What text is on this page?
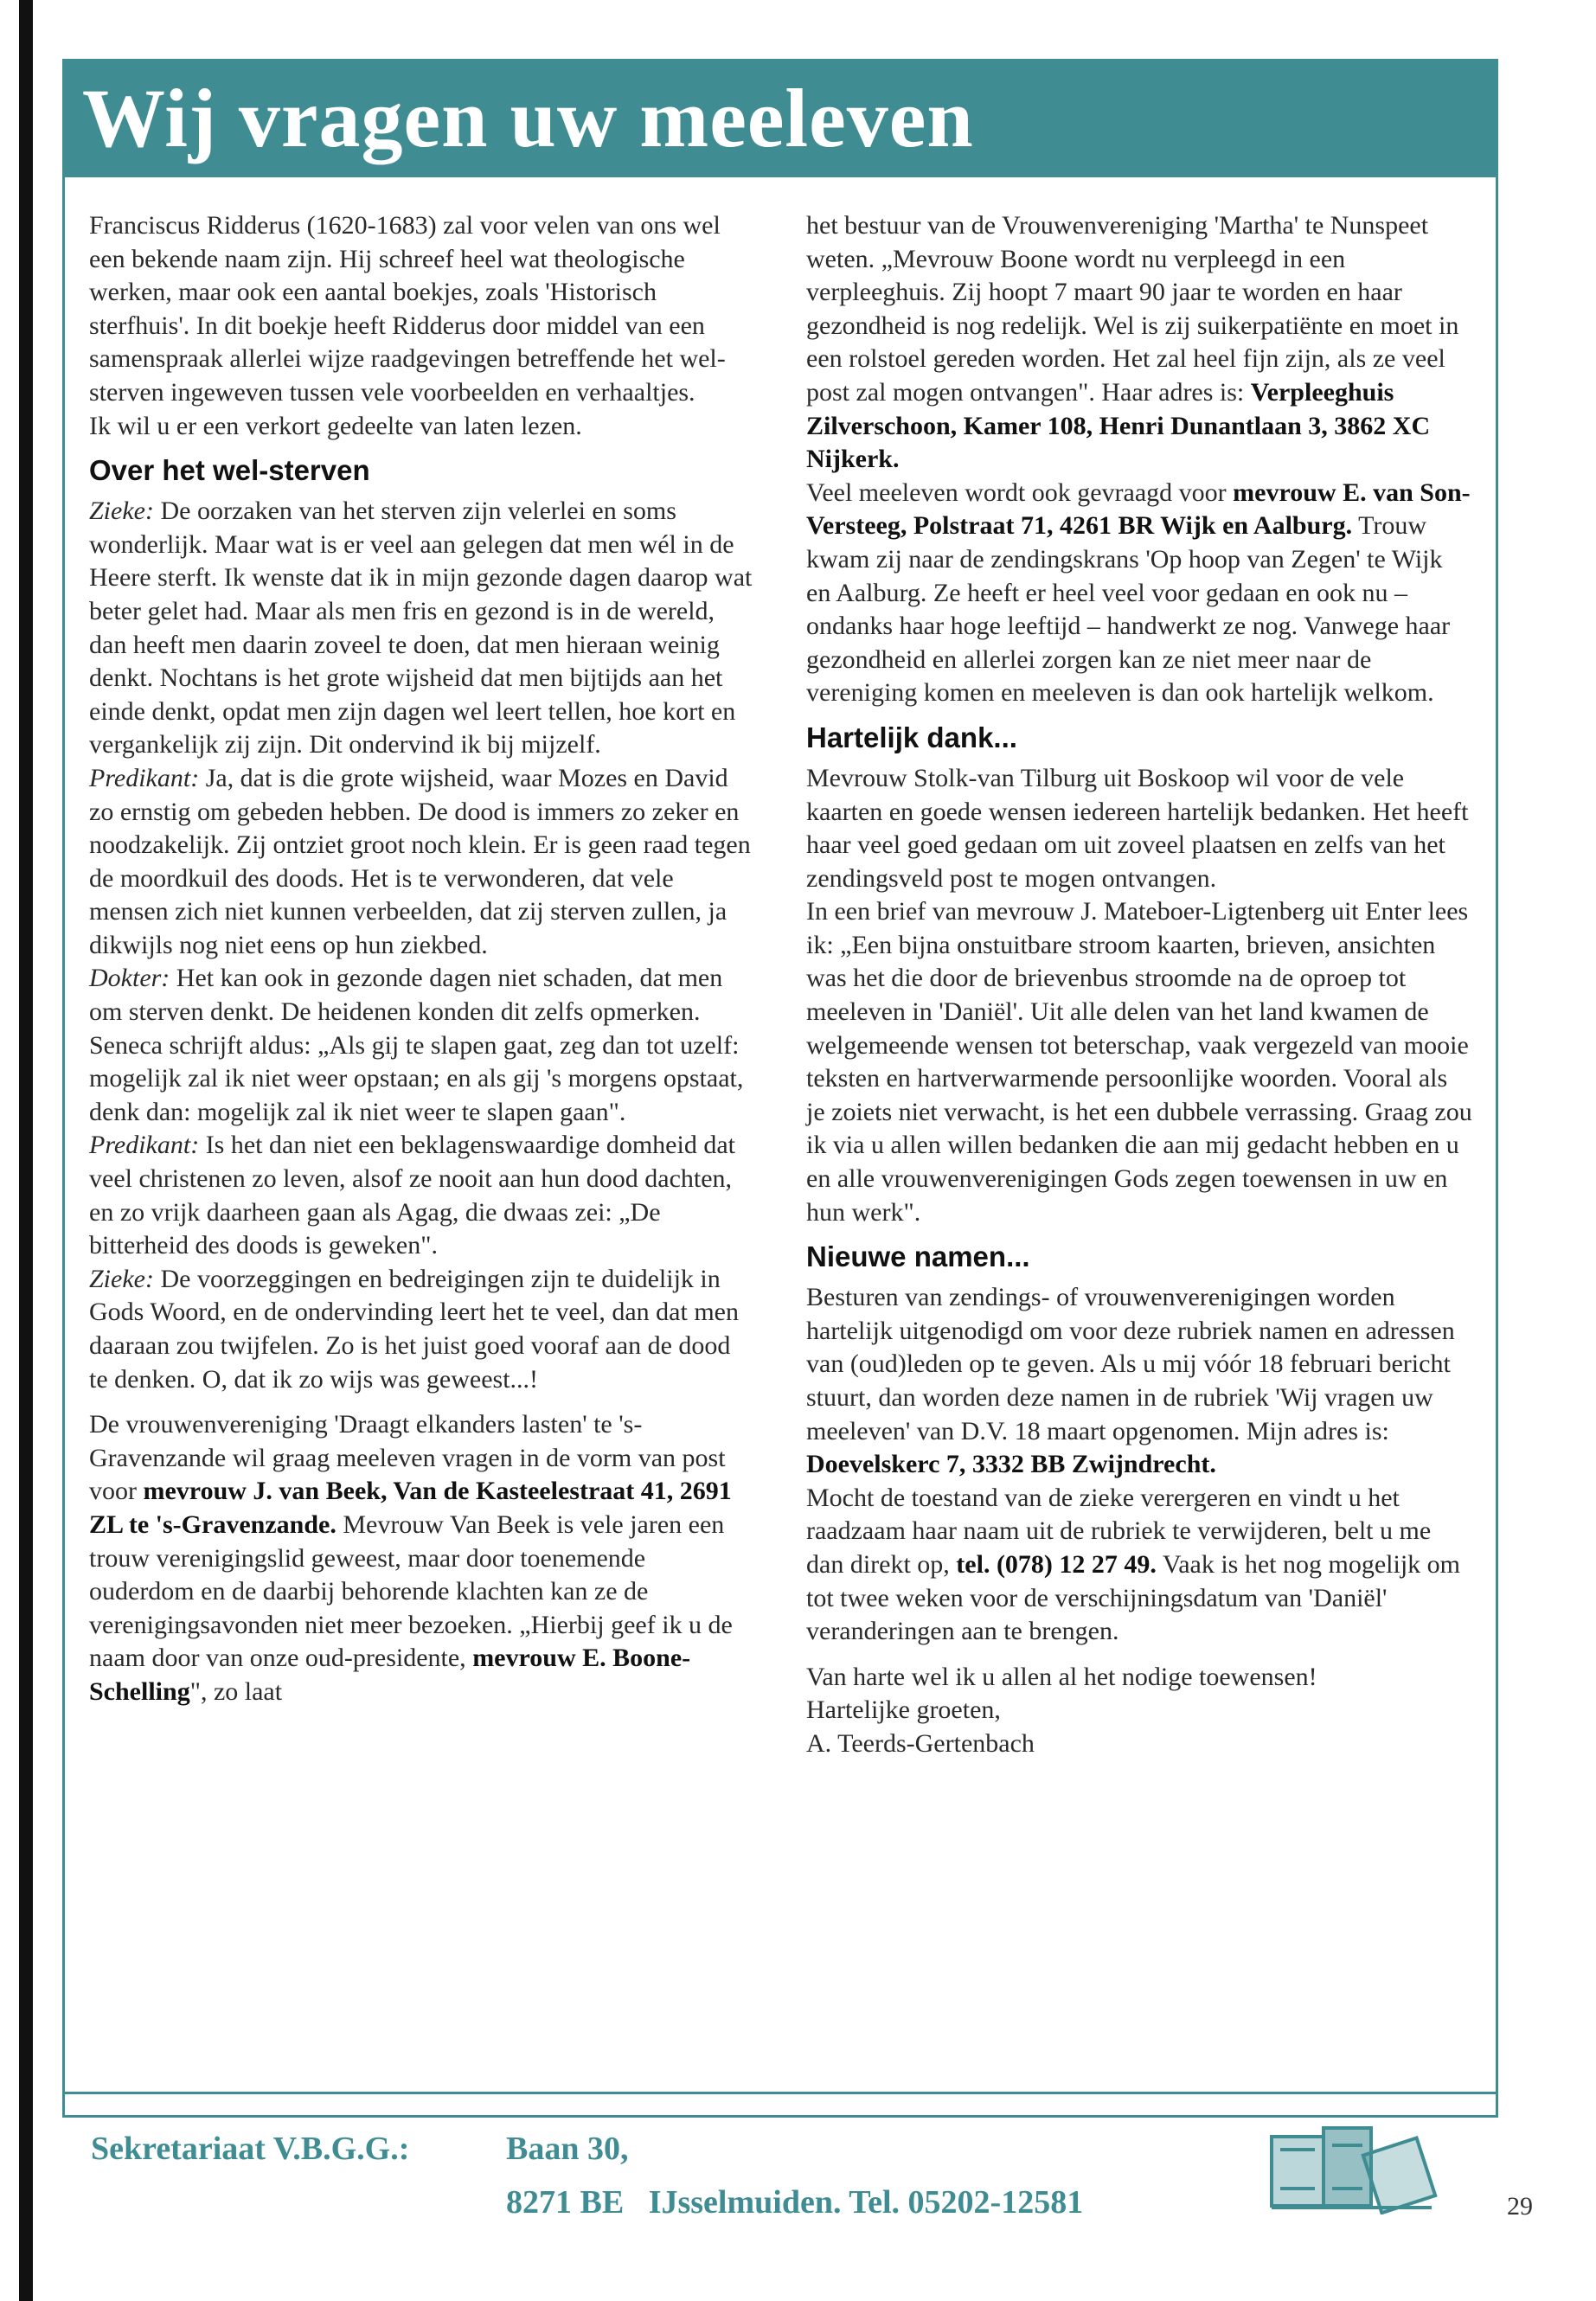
Wij vragen uw meeleven

Franciscus Ridderus (1620-1683) zal voor velen van ons wel een bekende naam zijn. Hij schreef heel wat theologische werken, maar ook een aantal boekjes, zoals 'Historisch sterfhuis'. In dit boekje heeft Ridderus door middel van een samenspraak allerlei wijze raadgevingen betreffende het wel-sterven ingeweven tussen vele voorbeelden en verhaaltjes.
Ik wil u er een verkort gedeelte van laten lezen.

Over het wel-sterven

Zieke: De oorzaken van het sterven zijn velerlei en soms wonderlijk. Maar wat is er veel aan gelegen dat men wél in de Heere sterft. Ik wenste dat ik in mijn gezonde dagen daarop wat beter gelet had. Maar als men fris en gezond is in de wereld, dan heeft men daarin zoveel te doen, dat men hieraan weinig denkt. Nochtans is het grote wijsheid dat men bijtijds aan het einde denkt, opdat men zijn dagen wel leert tellen, hoe kort en vergankelijk zij zijn. Dit ondervind ik bij mijzelf.
Predikant: Ja, dat is die grote wijsheid, waar Mozes en David zo ernstig om gebeden hebben. De dood is immers zo zeker en noodzakelijk. Zij ontziet groot noch klein. Er is geen raad tegen de moordkuil des doods. Het is te verwonderen, dat vele mensen zich niet kunnen verbeelden, dat zij sterven zullen, ja dikwijls nog niet eens op hun ziekbed.
Dokter: Het kan ook in gezonde dagen niet schaden, dat men om sterven denkt. De heidenen konden dit zelfs opmerken. Seneca schrijft aldus: „Als gij te slapen gaat, zeg dan tot uzelf: mogelijk zal ik niet weer opstaan; en als gij 's morgens opstaat, denk dan: mogelijk zal ik niet weer te slapen gaan".
Predikant: Is het dan niet een beklagenswaardige domheid dat veel christenen zo leven, alsof ze nooit aan hun dood dachten, en zo vrijk daarheen gaan als Agag, die dwaas zei: „De bitterheid des doods is geweken".
Zieke: De voorzeggingen en bedreigingen zijn te duidelijk in Gods Woord, en de ondervinding leert het te veel, dan dat men daaraan zou twijfelen. Zo is het juist goed vooraf aan de dood te denken. O, dat ik zo wijs was geweest...!

De vrouwenvereniging 'Draagt elkanders lasten' te 's-Gravenzande wil graag meeleven vragen in de vorm van post voor mevrouw J. van Beek, Van de Kasteelestraat 41, 2691 ZL te 's-Gravenzande. Mevrouw Van Beek is vele jaren een trouw verenigingslid geweest, maar door toenemende ouderdom en de daarbij behorende klachten kan ze de verenigingsavonden niet meer bezoeken. „Hierbij geef ik u de naam door van onze oud-presidente, mevrouw E. Boone-Schelling", zo laat

het bestuur van de Vrouwenvereniging 'Martha' te Nunspeet weten. „Mevrouw Boone wordt nu verpleegd in een verpleeghuis. Zij hoopt 7 maart 90 jaar te worden en haar gezondheid is nog redelijk. Wel is zij suikerpatiënte en moet in een rolstoel gereden worden. Het zal heel fijn zijn, als ze veel post zal mogen ontvangen". Haar adres is: Verpleeghuis Zilverschoon, Kamer 108, Henri Dunantlaan 3, 3862 XC Nijkerk.

Veel meeleven wordt ook gevraagd voor mevrouw E. van Son-Versteeg, Polstraat 71, 4261 BR Wijk en Aalburg. Trouw kwam zij naar de zendingskrans 'Op hoop van Zegen' te Wijk en Aalburg. Ze heeft er heel veel voor gedaan en ook nu – ondanks haar hoge leeftijd – handwerkt ze nog. Vanwege haar gezondheid en allerlei zorgen kan ze niet meer naar de vereniging komen en meeleven is dan ook hartelijk welkom.

Hartelijk dank...

Mevrouw Stolk-van Tilburg uit Boskoop wil voor de vele kaarten en goede wensen iedereen hartelijk bedanken. Het heeft haar veel goed gedaan om uit zoveel plaatsen en zelfs van het zendingsveld post te mogen ontvangen.
In een brief van mevrouw J. Mateboer-Ligtenberg uit Enter lees ik: „Een bijna onstuitbare stroom kaarten, brieven, ansichten was het die door de brievenbus stroomde na de oproep tot meeleven in 'Daniël'. Uit alle delen van het land kwamen de welgemeende wensen tot beterschap, vaak vergezeld van mooie teksten en hartverwarmende persoonlijke woorden. Vooral als je zoiets niet verwacht, is het een dubbele verrassing. Graag zou ik via u allen willen bedanken die aan mij gedacht hebben en u en alle vrouwenverenigingen Gods zegen toewensen in uw en hun werk".

Nieuwe namen...

Besturen van zendings- of vrouwenverenigingen worden hartelijk uitgenodigd om voor deze rubriek namen en adressen van (oud)leden op te geven. Als u mij vóór 18 februari bericht stuurt, dan worden deze namen in de rubriek 'Wij vragen uw meeleven' van D.V. 18 maart opgenomen. Mijn adres is: Doevelskerc 7, 3332 BB Zwijndrecht.
Mocht de toestand van de zieke verergeren en vindt u het raadzaam haar naam uit de rubriek te verwijderen, belt u me dan direkt op, tel. (078) 12 27 49. Vaak is het nog mogelijk om tot twee weken voor de verschijningsdatum van 'Daniël' veranderingen aan te brengen.

Van harte wel ik u allen al het nodige toewensen!
Hartelijke groeten,
A. Teerds-Gertenbach

Sekretariaat V.B.G.G.:	Baan 30,
8271 BE   IJsselmuiden. Tel. 05202-12581	29
